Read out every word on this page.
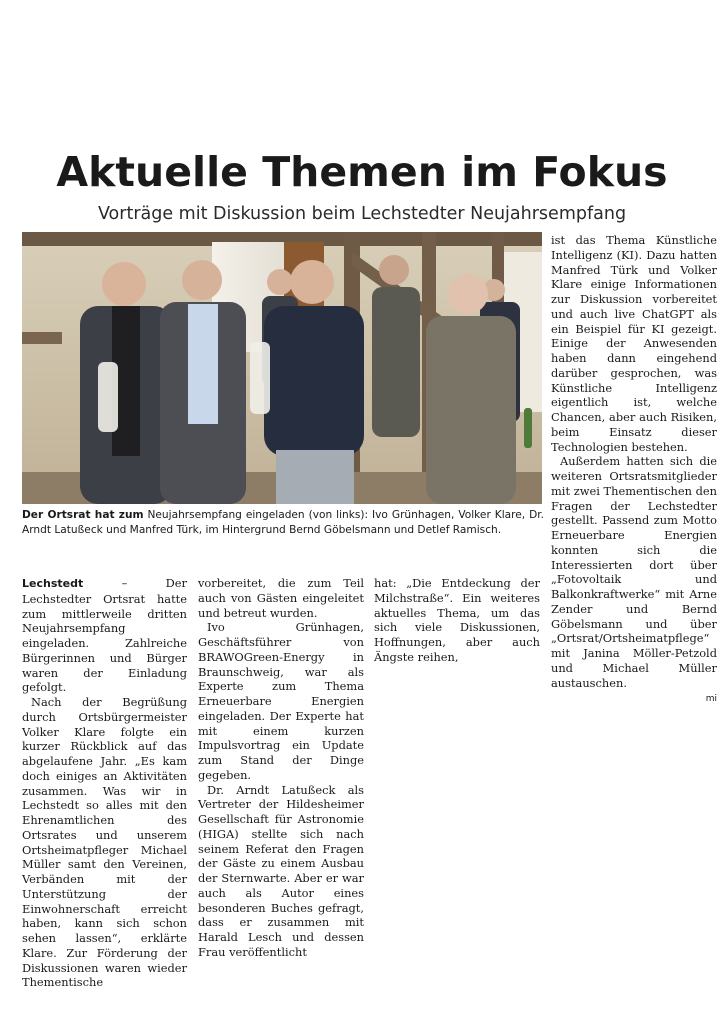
Aktuelle Themen im Fokus
Vorträge mit Diskussion beim Lechstedter Neujahrsempfang
Der Ortsrat hat zum Neujahrsempfang eingeladen (von links): Ivo Grünhagen, Volker Klare, Dr. Arndt Latußeck und Manfred Türk, im Hintergrund Bernd Göbelsmann und Detlef Ramisch.

Lechstedt – Der Lechstedter Ortsrat hatte zum mittlerweile dritten Neujahrsempfang eingeladen. Zahlreiche Bürgerinnen und Bürger waren der Einladung gefolgt.

Nach der Begrüßung durch Ortsbürgermeister Volker Klare folgte ein kurzer Rückblick auf das abgelaufene Jahr. „Es kam doch einiges an Aktivitäten zusammen. Was wir in Lechstedt so alles mit den Ehrenamtlichen des Ortsrates und unserem Ortsheimatpfleger Michael Müller samt den Vereinen, Verbänden mit der Unterstützung der Einwohnerschaft erreicht haben, kann sich schon sehen lassen“, erklärte Klare. Zur Förderung der Diskussionen waren wieder Thementische

vorbereitet, die zum Teil auch von Gästen eingeleitet und betreut wurden.

Ivo Grünhagen, Geschäftsführer von BRAWOGreen-Energy in Braunschweig, war als Experte zum Thema Erneuerbare Energien eingeladen. Der Experte hat mit einem kurzen Impulsvortrag ein Update zum Stand der Dinge gegeben.

Dr. Arndt Latußeck als Vertreter der Hildesheimer Gesellschaft für Astronomie (HIGA) stellte sich nach seinem Referat den Fragen der Gäste zu einem Ausbau der Sternwarte. Aber er war auch als Autor eines besonderen Buches gefragt, dass er zusammen mit Harald Lesch und dessen Frau veröffentlicht

hat: „Die Entdeckung der Milchstraße“. Ein weiteres aktuelles Thema, um das sich viele Diskussionen, Hoffnungen, aber auch Ängste reihen,

ist das Thema Künstliche Intelligenz (KI). Dazu hatten Manfred Türk und Volker Klare einige Informationen zur Diskussion vorbereitet und auch live ChatGPT als ein Beispiel für KI gezeigt. Einige der Anwesenden haben dann eingehend darüber gesprochen, was Künstliche Intelligenz eigentlich ist, welche Chancen, aber auch Risiken, beim Einsatz dieser Technologien bestehen.

Außerdem hatten sich die weiteren Ortsratsmitglieder mit zwei Thementischen den Fragen der Lechstedter gestellt. Passend zum Motto Erneuerbare Energien konnten sich die Interessierten dort über „Fotovoltaik und Balkonkraftwerke“ mit Arne Zender und Bernd Göbelsmann und über „Ortsrat/Ortsheimatpflege“ mit Janina Möller-Petzold und Michael Müller austauschen.

mi
